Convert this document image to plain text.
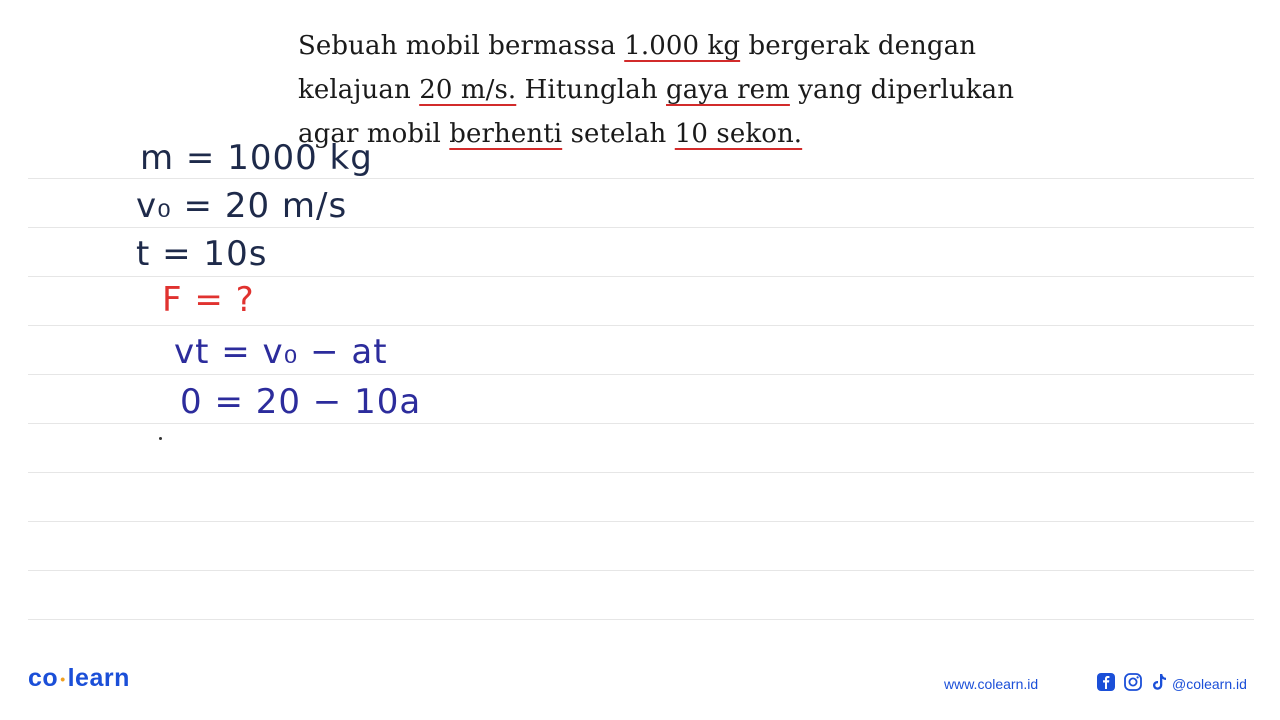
Sebuah mobil bermassa 1.000 kg bergerak dengan
kelajuan 20 m/s. Hitunglah gaya rem yang diperlukan
agar mobil berhenti setelah 10 sekon.
m = 1000 kg
v₀ = 20 m/s
t = 10s
F = ?
vt = v₀ − at
0 = 20 − 10a
co •learn	www.colearn.id	@colearn.id
